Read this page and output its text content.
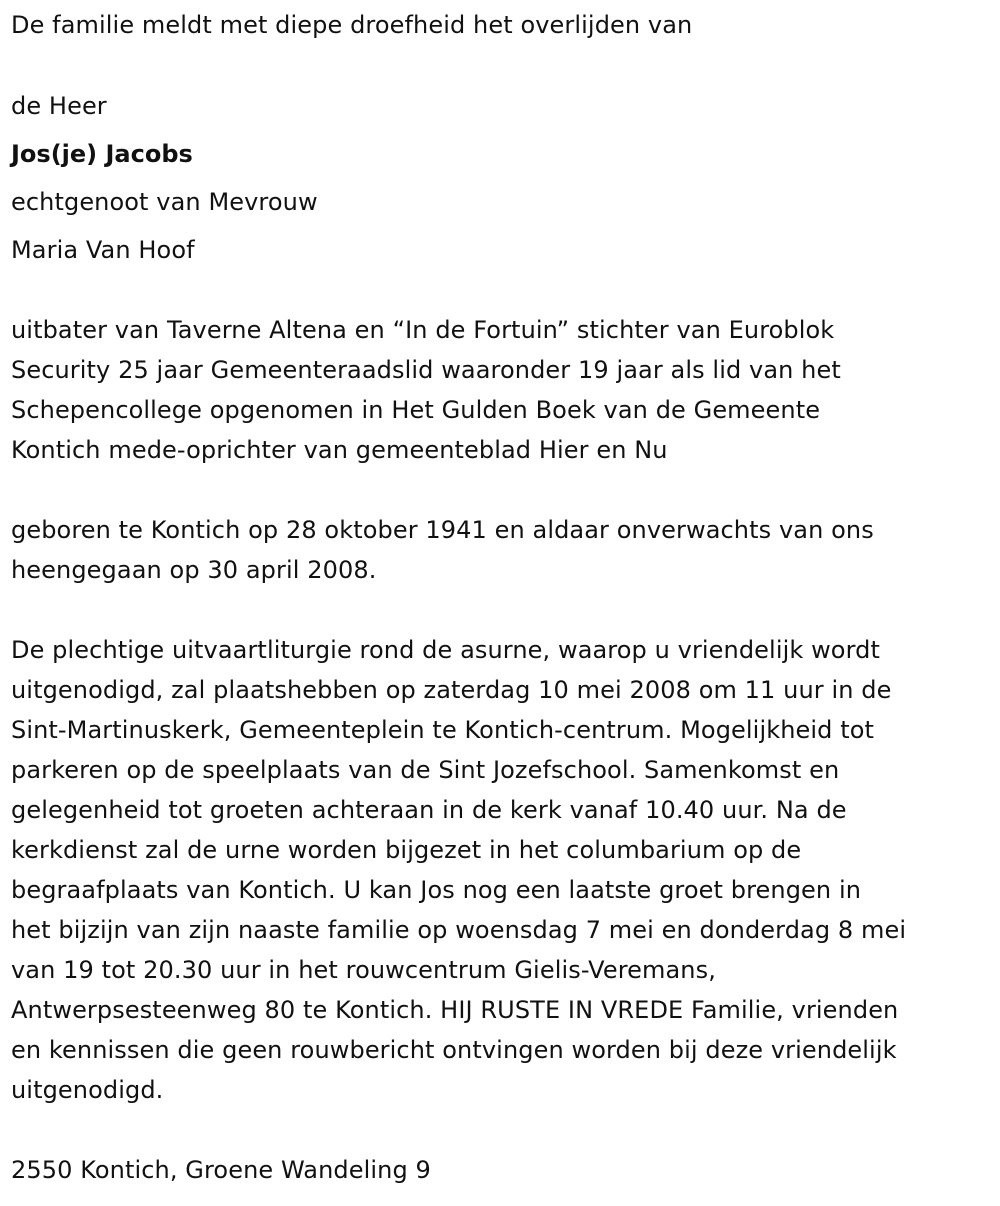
De familie meldt met diepe droefheid het overlijden van
de Heer
Jos(je) Jacobs
echtgenoot van Mevrouw
Maria Van Hoof
uitbater van Taverne Altena en “In de Fortuin” stichter van Euroblok
Security 25 jaar Gemeenteraadslid waaronder 19 jaar als lid van het
Schepencollege opgenomen in Het Gulden Boek van de Gemeente
Kontich mede-oprichter van gemeenteblad Hier en Nu
geboren te Kontich op 28 oktober 1941 en aldaar onverwachts van ons
heengegaan op 30 april 2008.
De plechtige uitvaartliturgie rond de asurne, waarop u vriendelijk wordt
uitgenodigd, zal plaatshebben op zaterdag 10 mei 2008 om 11 uur in de
Sint-Martinuskerk, Gemeenteplein te Kontich-centrum. Mogelijkheid tot
parkeren op de speelplaats van de Sint Jozefschool. Samenkomst en
gelegenheid tot groeten achteraan in de kerk vanaf 10.40 uur. Na de
kerkdienst zal de urne worden bijgezet in het columbarium op de
begraafplaats van Kontich. U kan Jos nog een laatste groet brengen in
het bijzijn van zijn naaste familie op woensdag 7 mei en donderdag 8 mei
van 19 tot 20.30 uur in het rouwcentrum Gielis-Veremans,
Antwerpsesteenweg 80 te Kontich. HIJ RUSTE IN VREDE Familie, vrienden
en kennissen die geen rouwbericht ontvingen worden bij deze vriendelijk
uitgenodigd.
2550 Kontich, Groene Wandeling 9
